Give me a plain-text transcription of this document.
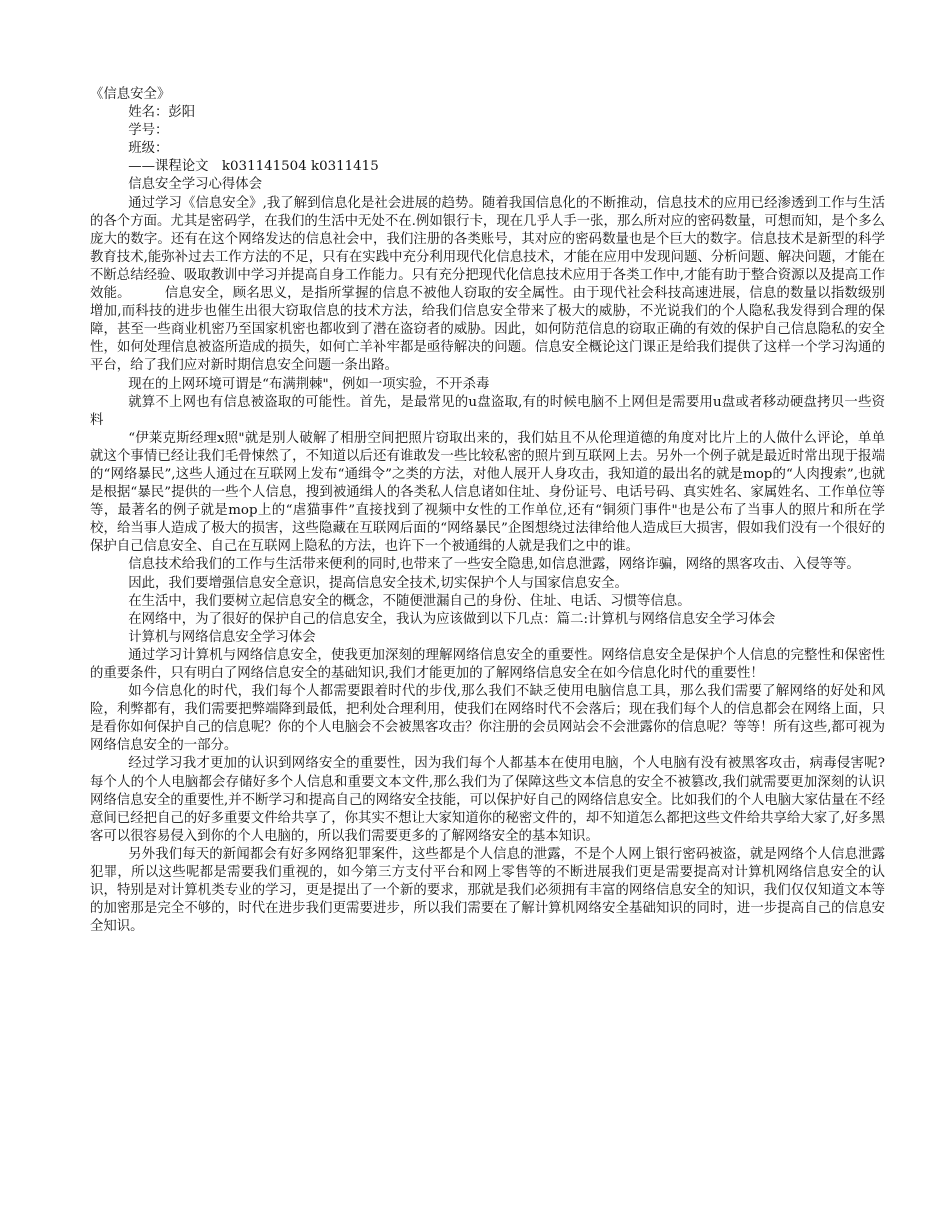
《信息安全》

姓名：彭阳

学号：

班级：

——课程论文　k031141504 k0311415

信息安全学习心得体会

通过学习《信息安全》,我了解到信息化是社会进展的趋势。随着我国信息化的不断推动，信息技术的应用已经渗透到工作与生活的各个方面。尤其是密码学，在我们的生活中无处不在.例如银行卡，现在几乎人手一张，那么所对应的密码数量，可想而知，是个多么庞大的数字。还有在这个网络发达的信息社会中，我们注册的各类账号，其对应的密码数量也是个巨大的数字。信息技术是新型的科学教育技术,能弥补过去工作方法的不足，只有在实践中充分利用现代化信息技术，才能在应用中发现问题、分析问题、解决问题，才能在不断总结经验、吸取教训中学习并提高自身工作能力。只有充分把现代化信息技术应用于各类工作中,才能有助于整合资源以及提高工作效能。　　　信息安全，顾名思义，是指所掌握的信息不被他人窃取的安全属性。由于现代社会科技高速进展，信息的数量以指数级别增加,而科技的进步也催生出很大窃取信息的技术方法，给我们信息安全带来了极大的威胁，不光说我们的个人隐私我发得到合理的保障，甚至一些商业机密乃至国家机密也都收到了潜在盗窃者的威胁。因此，如何防范信息的窃取正确的有效的保护自己信息隐私的安全性，如何处理信息被盗所造成的损失，如何亡羊补牢都是亟待解决的问题。信息安全概论这门课正是给我们提供了这样一个学习沟通的平台，给了我们应对新时期信息安全问题一条出路。

现在的上网环境可谓是“布满荆棘"，例如一项实验，不开杀毒

就算不上网也有信息被盗取的可能性。首先，是最常见的u盘盗取,有的时候电脑不上网但是需要用u盘或者移动硬盘拷贝一些资料

“伊莱克斯经理x照"就是别人破解了相册空间把照片窃取出来的，我们姑且不从伦理道德的角度对比片上的人做什么评论，单单就这个事情已经让我们毛骨悚然了，不知道以后还有谁敢发一些比较私密的照片到互联网上去。另外一个例子就是最近时常出现于报端的“网络暴民”,这些人通过在互联网上发布“通缉令”之类的方法，对他人展开人身攻击，我知道的最出名的就是mop的“人肉搜索”,也就是根据“暴民”提供的一些个人信息，搜到被通缉人的各类私人信息诸如住址、身份证号、电话号码、真实姓名、家属姓名、工作单位等等，最著名的例子就是mop上的“虐猫事件”直接找到了视频中女性的工作单位,还有“铜须门事件"也是公布了当事人的照片和所在学校，给当事人造成了极大的损害，这些隐藏在互联网后面的“网络暴民”企图想绕过法律给他人造成巨大损害，假如我们没有一个很好的保护自己信息安全、自己在互联网上隐私的方法，也许下一个被通缉的人就是我们之中的谁。

信息技术给我们的工作与生活带来便利的同时,也带来了一些安全隐患,如信息泄露，网络诈骗，网络的黑客攻击、入侵等等。

因此，我们要增强信息安全意识，提高信息安全技术,切实保护个人与国家信息安全。

在生活中，我们要树立起信息安全的概念，不随便泄漏自己的身份、住址、电话、习惯等信息。

在网络中，为了很好的保护自己的信息安全，我认为应该做到以下几点：篇二:计算机与网络信息安全学习体会

计算机与网络信息安全学习体会

通过学习计算机与网络信息安全，使我更加深刻的理解网络信息安全的重要性。网络信息安全是保护个人信息的完整性和保密性的重要条件，只有明白了网络信息安全的基础知识,我们才能更加的了解网络信息安全在如今信息化时代的重要性！

如今信息化的时代，我们每个人都需要跟着时代的步伐,那么我们不缺乏使用电脑信息工具，那么我们需要了解网络的好处和风险，利弊都有，我们需要把弊端降到最低，把利处合理利用，使我们在网络时代不会落后；现在我们每个人的信息都会在网络上面，只是看你如何保护自己的信息呢？你的个人电脑会不会被黑客攻击？你注册的会员网站会不会泄露你的信息呢？等等！所有这些,都可视为网络信息安全的一部分。

经过学习我才更加的认识到网络安全的重要性，因为我们每个人都基本在使用电脑，个人电脑有没有被黑客攻击，病毒侵害呢?每个人的个人电脑都会存储好多个人信息和重要文本文件,那么我们为了保障这些文本信息的安全不被篡改,我们就需要更加深刻的认识网络信息安全的重要性,并不断学习和提高自己的网络安全技能，可以保护好自己的网络信息安全。比如我们的个人电脑大家估量在不经意间已经把自己的好多重要文件给共享了，你其实不想让大家知道你的秘密文件的，却不知道怎么都把这些文件给共享给大家了,好多黑客可以很容易侵入到你的个人电脑的，所以我们需要更多的了解网络安全的基本知识。

另外我们每天的新闻都会有好多网络犯罪案件，这些都是个人信息的泄露，不是个人网上银行密码被盗，就是网络个人信息泄露犯罪，所以这些呢都是需要我们重视的，如今第三方支付平台和网上零售等的不断进展我们更是需要提高对计算机网络信息安全的认识，特别是对计算机类专业的学习，更是提出了一个新的要求，那就是我们必须拥有丰富的网络信息安全的知识，我们仅仅知道文本等的加密那是完全不够的，时代在进步我们更需要进步，所以我们需要在了解计算机网络安全基础知识的同时，进一步提高自己的信息安全知识。
